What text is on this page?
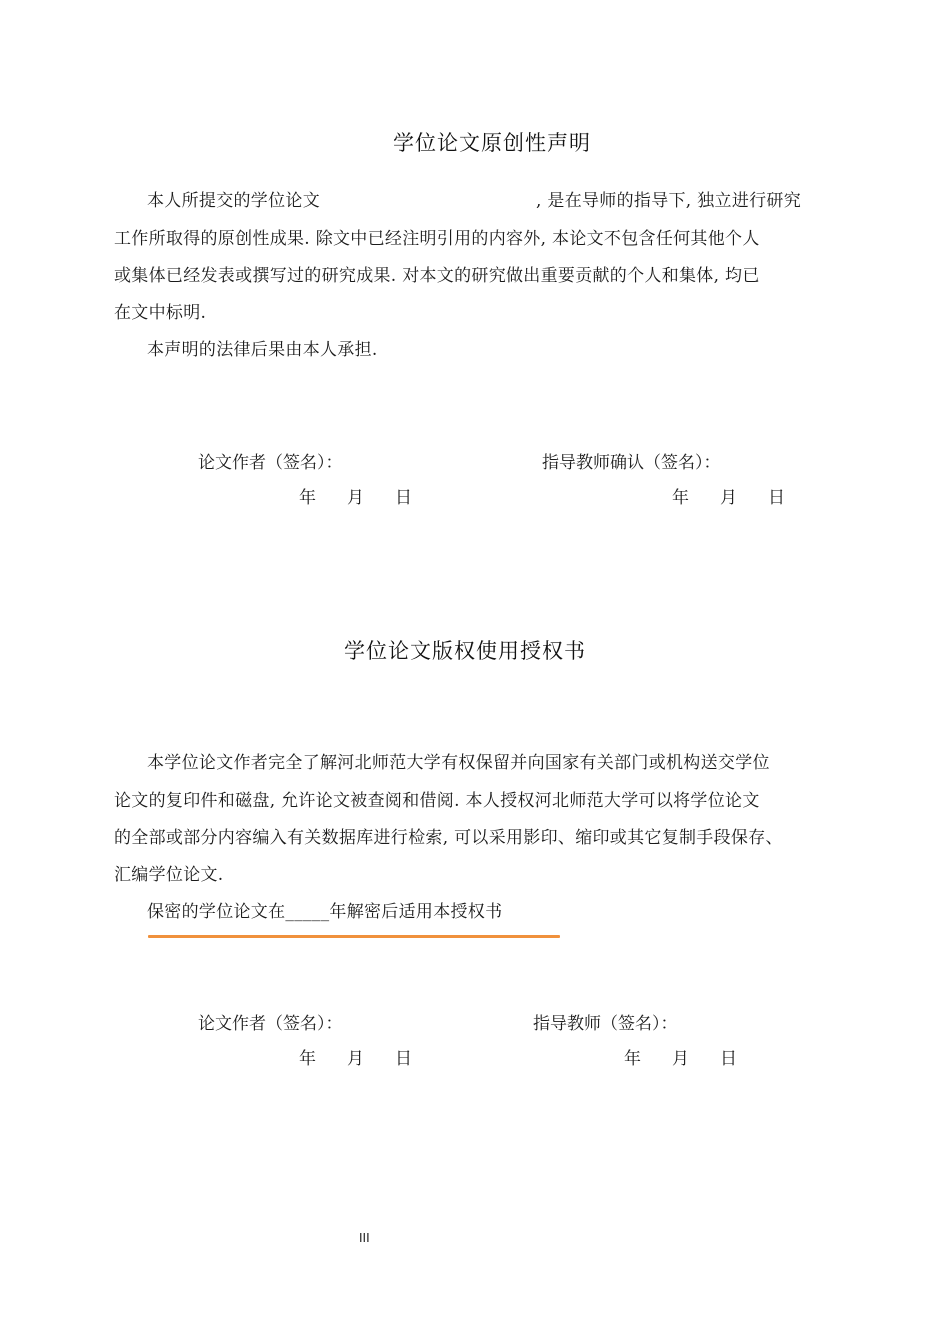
学位论文原创性声明
本人所提交的学位论文	, 是在导师的指导下, 独立进行研究
工作所取得的原创性成果. 除文中已经注明引用的内容外, 本论文不包含任何其他个人
或集体已经发表或撰写过的研究成果. 对本文的研究做出重要贡献的个人和集体, 均已
在文中标明.
本声明的法律后果由本人承担.
论文作者（签名）：	指导教师确认（签名）：
年 月 日	年 月 日
学位论文版权使用授权书
本学位论文作者完全了解河北师范大学有权保留并向国家有关部门或机构送交学位
论文的复印件和磁盘, 允许论文被查阅和借阅. 本人授权河北师范大学可以将学位论文
的全部或部分内容编入有关数据库进行检索, 可以采用影印、缩印或其它复制手段保存、
汇编学位论文.
保密的学位论文在_____年解密后适用本授权书
论文作者（签名）：	指导教师（签名）：
年 月 日	年 月 日
III
